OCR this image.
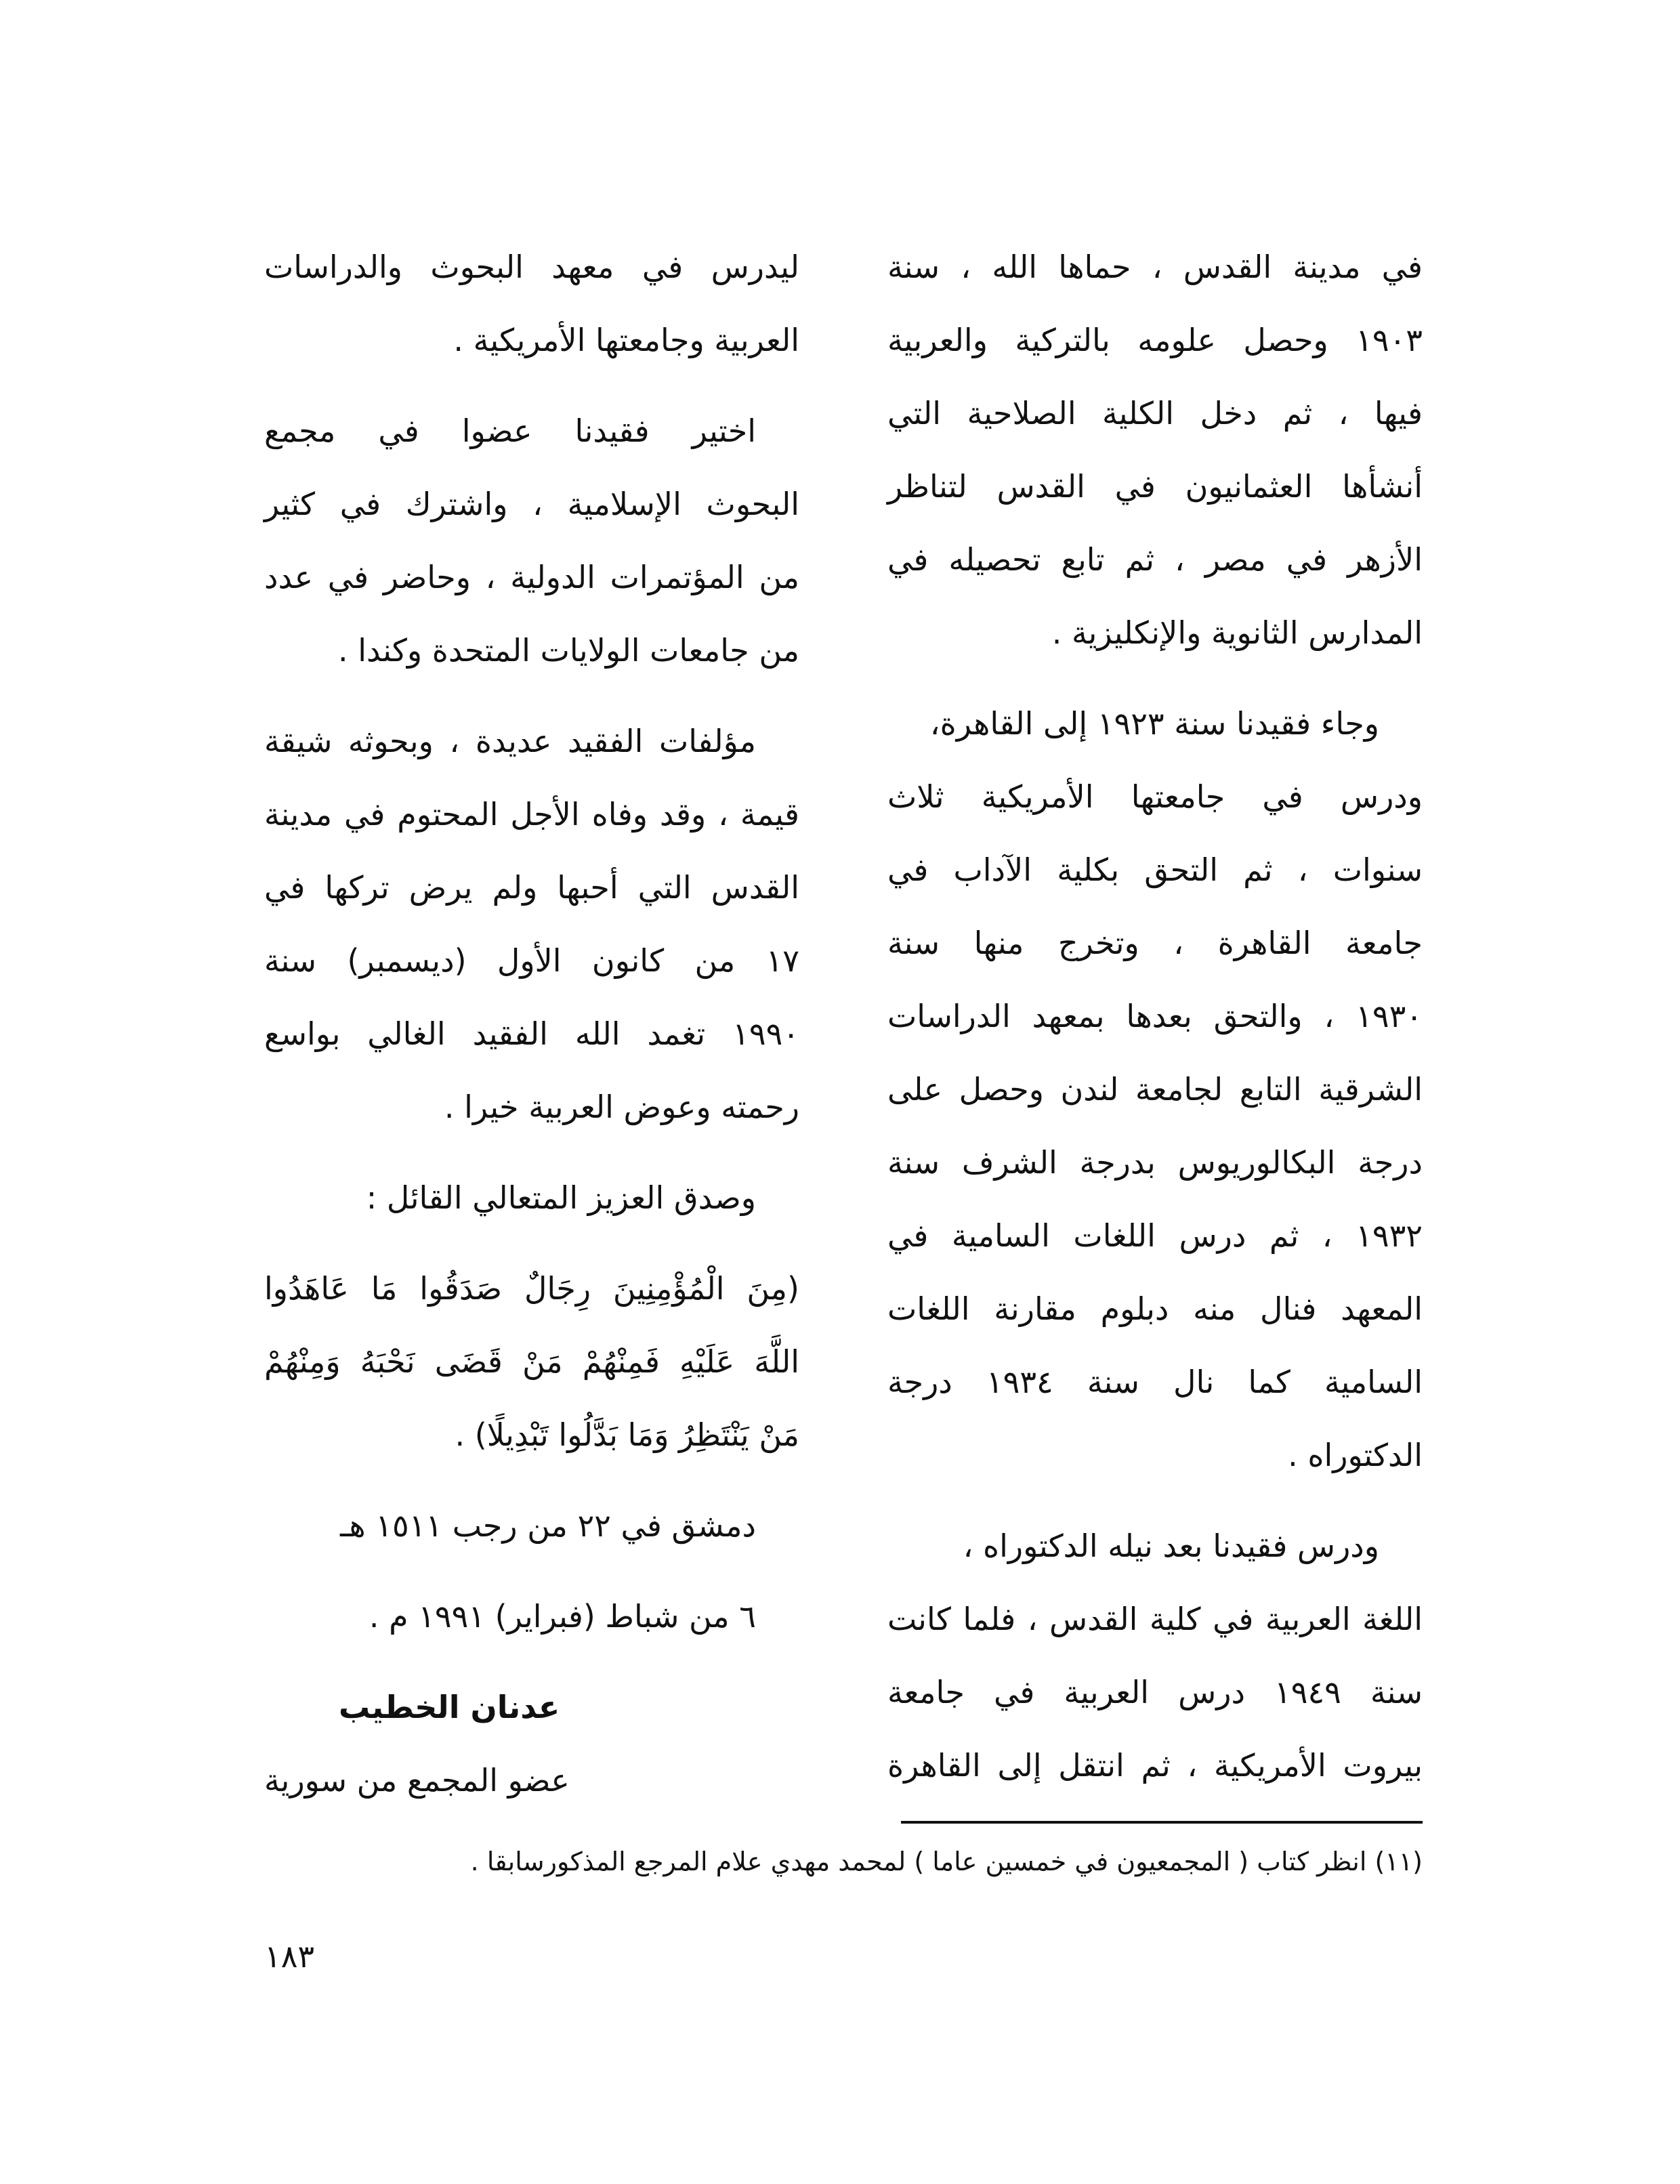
في مدينة القدس ، حماها الله ، سنة
١٩٠٣ وحصل علومه بالتركية والعربية
فيها ، ثم دخل الكلية الصلاحية التي
أنشأها العثمانيون في القدس لتناظر
الأزهر في مصر ، ثم تابع تحصيله في
المدارس الثانوية والإنكليزية .
وجاء فقيدنا سنة ١٩٢٣ إلى القاهرة،
ودرس في جامعتها الأمريكية ثلاث
سنوات ، ثم التحق بكلية الآداب في
جامعة القاهرة ، وتخرج منها سنة
١٩٣٠ ، والتحق بعدها بمعهد الدراسات
الشرقية التابع لجامعة لندن وحصل على
درجة البكالوريوس بدرجة الشرف سنة
١٩٣٢ ، ثم درس اللغات السامية في
المعهد فنال منه دبلوم مقارنة اللغات
السامية كما نال سنة ١٩٣٤ درجة
الدكتوراه .
ودرس فقيدنا بعد نيله الدكتوراه ،
اللغة العربية في كلية القدس ، فلما كانت
سنة ١٩٤٩ درس العربية في جامعة
بيروت الأمريكية ، ثم انتقل إلى القاهرة
ليدرس في معهد البحوث والدراسات
العربية وجامعتها الأمريكية .
اختير فقيدنا عضوا في مجمع
البحوث الإسلامية ، واشترك في كثير
من المؤتمرات الدولية ، وحاضر في عدد
من جامعات الولايات المتحدة وكندا .
مؤلفات الفقيد عديدة ، وبحوثه شيقة
قيمة ، وقد وفاه الأجل المحتوم في مدينة
القدس التي أحبها ولم يرض تركها في
١٧ من كانون الأول (ديسمبر) سنة
١٩٩٠ تغمد الله الفقيد الغالي بواسع
رحمته وعوض العربية خيرا .
وصدق العزيز المتعالي القائل :
(مِنَ الْمُؤْمِنِينَ رِجَالٌ صَدَقُوا مَا عَاهَدُوا
اللَّهَ عَلَيْهِ فَمِنْهُمْ مَنْ قَضَى نَحْبَهُ وَمِنْهُمْ
مَنْ يَنْتَظِرُ وَمَا بَدَّلُوا تَبْدِيلًا) .
دمشق في ٢٢ من رجب ١٥١١ هـ
٦ من شباط (فبراير) ١٩٩١ م .
عدنان الخطيب
عضو المجمع من سورية
(١١) انظر كتاب ( المجمعيون في خمسين عاما ) لمحمد مهدي علام المرجع المذكورسابقا .
١٨٣
